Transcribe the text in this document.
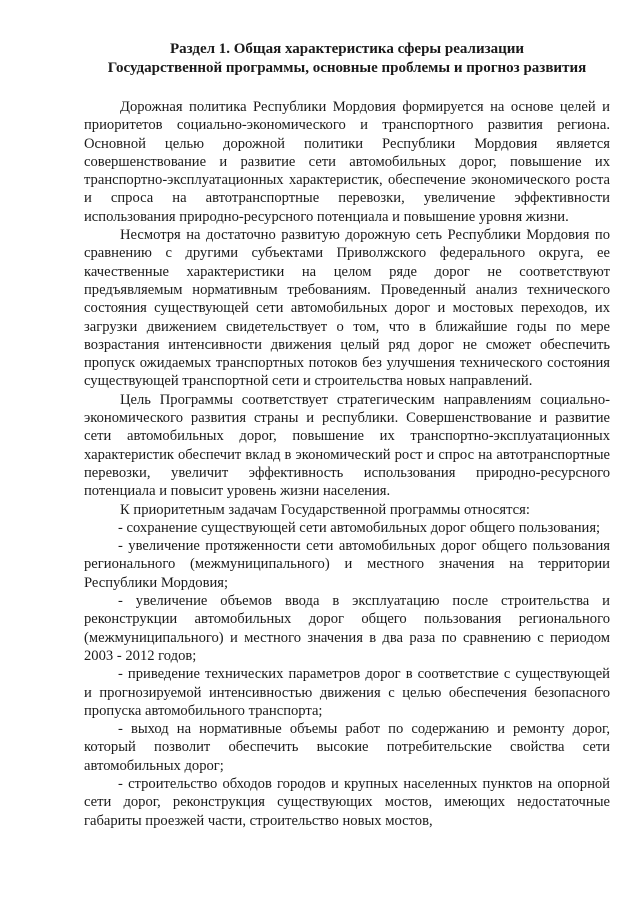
Раздел 1. Общая характеристика сферы реализации
Государственной программы, основные проблемы и прогноз развития

Дорожная политика Республики Мордовия формируется на основе целей и приоритетов социально-экономического и транспортного развития региона. Основной целью дорожной политики Республики Мордовия является совершенствование и развитие сети автомобильных дорог, повышение их транспортно-эксплуатационных характеристик, обеспечение экономического роста и спроса на автотранспортные перевозки, увеличение эффективности использования природно-ресурсного потенциала и повышение уровня жизни.

Несмотря на достаточно развитую дорожную сеть Республики Мордовия по сравнению с другими субъектами Приволжского федерального округа, ее качественные характеристики на целом ряде дорог не соответствуют предъявляемым нормативным требованиям. Проведенный анализ технического состояния существующей сети автомобильных дорог и мостовых переходов, их загрузки движением свидетельствует о том, что в ближайшие годы по мере возрастания интенсивности движения целый ряд дорог не сможет обеспечить пропуск ожидаемых транспортных потоков без улучшения технического состояния существующей транспортной сети и строительства новых направлений.

Цель Программы соответствует стратегическим направлениям социально-экономического развития страны и республики. Совершенствование и развитие сети автомобильных дорог, повышение их транспортно-эксплуатационных характеристик обеспечит вклад в экономический рост и спрос на автотранспортные перевозки, увеличит эффективность использования природно-ресурсного потенциала и повысит уровень жизни населения.

К приоритетным задачам Государственной программы относятся:

- сохранение существующей сети автомобильных дорог общего пользования;

- увеличение протяженности сети автомобильных дорог общего пользования регионального (межмуниципального) и местного значения на территории Республики Мордовия;

- увеличение объемов ввода в эксплуатацию после строительства и реконструкции автомобильных дорог общего пользования регионального (межмуниципального) и местного значения в два раза по сравнению с периодом 2003 - 2012 годов;

- приведение технических параметров дорог в соответствие с существующей и прогнозируемой интенсивностью движения с целью обеспечения безопасного пропуска автомобильного транспорта;

- выход на нормативные объемы работ по содержанию и ремонту дорог, который позволит обеспечить высокие потребительские свойства сети автомобильных дорог;

- строительство обходов городов и крупных населенных пунктов на опорной сети дорог, реконструкция существующих мостов, имеющих недостаточные габариты проезжей части, строительство новых мостов,
